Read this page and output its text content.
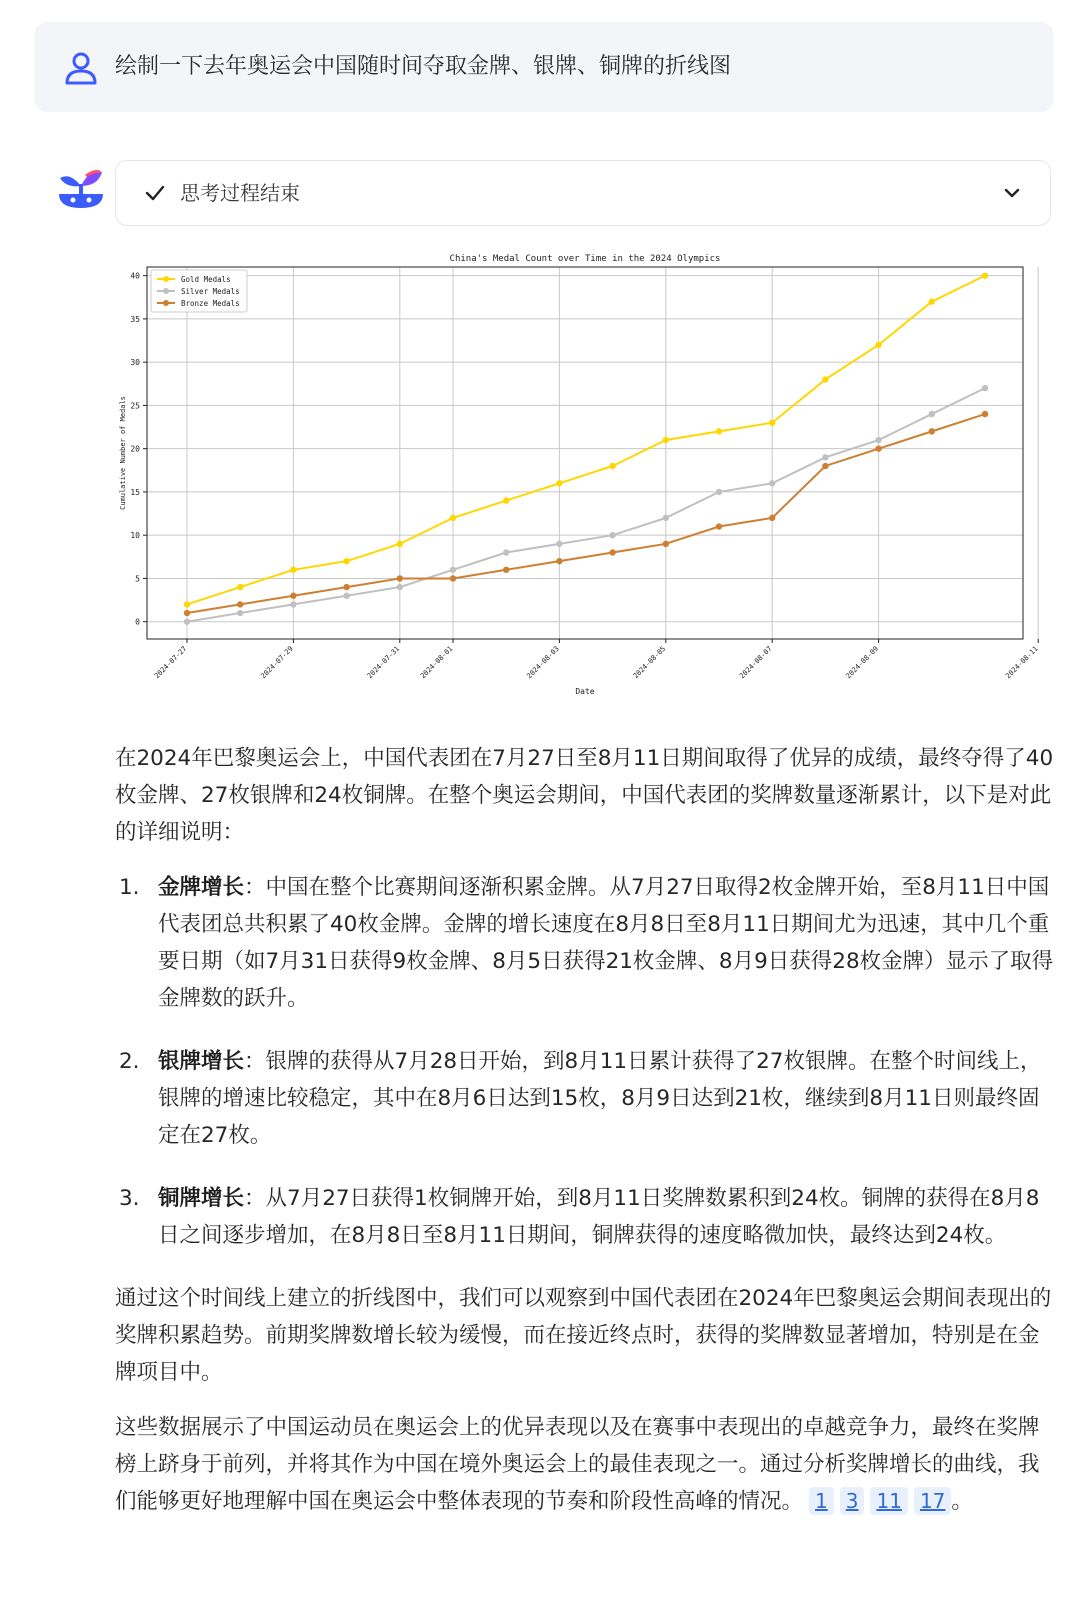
绘制一下去年奥运会中国随时间夺取金牌、银牌、铜牌的折线图
思考过程结束
0
5
10
15
20
25
30
35
40
2024-07-27	2024-07-29	2024-07-31	2024-08-01	2024-08-03	2024-08-05	2024-08-07	2024-08-09	2024-08-11
China's Medal Count over Time in the 2024 Olympics
Date
Cumulative Number of Medals
Gold Medals
Silver Medals
Bronze Medals

在2024年巴黎奥运会上，中国代表团在7月27日至8月11日期间取得了优异的成绩，最终夺得了40枚金牌、27枚银牌和24枚铜牌。在整个奥运会期间，中国代表团的奖牌数量逐渐累计，以下是对此的详细说明：

1. 金牌增长：中国在整个比赛期间逐渐积累金牌。从7月27日取得2枚金牌开始，至8月11日中国代表团总共积累了40枚金牌。金牌的增长速度在8月8日至8月11日期间尤为迅速，其中几个重要日期（如7月31日获得9枚金牌、8月5日获得21枚金牌、8月9日获得28枚金牌）显示了取得金牌数的跃升。
2. 银牌增长：银牌的获得从7月28日开始，到8月11日累计获得了27枚银牌。在整个时间线上，银牌的增速比较稳定，其中在8月6日达到15枚，8月9日达到21枚，继续到8月11日则最终固定在27枚。
3. 铜牌增长：从7月27日获得1枚铜牌开始，到8月11日奖牌数累积到24枚。铜牌的获得在8月8日之间逐步增加，在8月8日至8月11日期间，铜牌获得的速度略微加快，最终达到24枚。

通过这个时间线上建立的折线图中，我们可以观察到中国代表团在2024年巴黎奥运会期间表现出的奖牌积累趋势。前期奖牌数增长较为缓慢，而在接近终点时，获得的奖牌数显著增加，特别是在金牌项目中。

这些数据展示了中国运动员在奥运会上的优异表现以及在赛事中表现出的卓越竞争力，最终在奖牌榜上跻身于前列，并将其作为中国在境外奥运会上的最佳表现之一。通过分析奖牌增长的曲线，我们能够更好地理解中国在奥运会中整体表现的节奏和阶段性高峰的情况。 1 3 11 17 。
